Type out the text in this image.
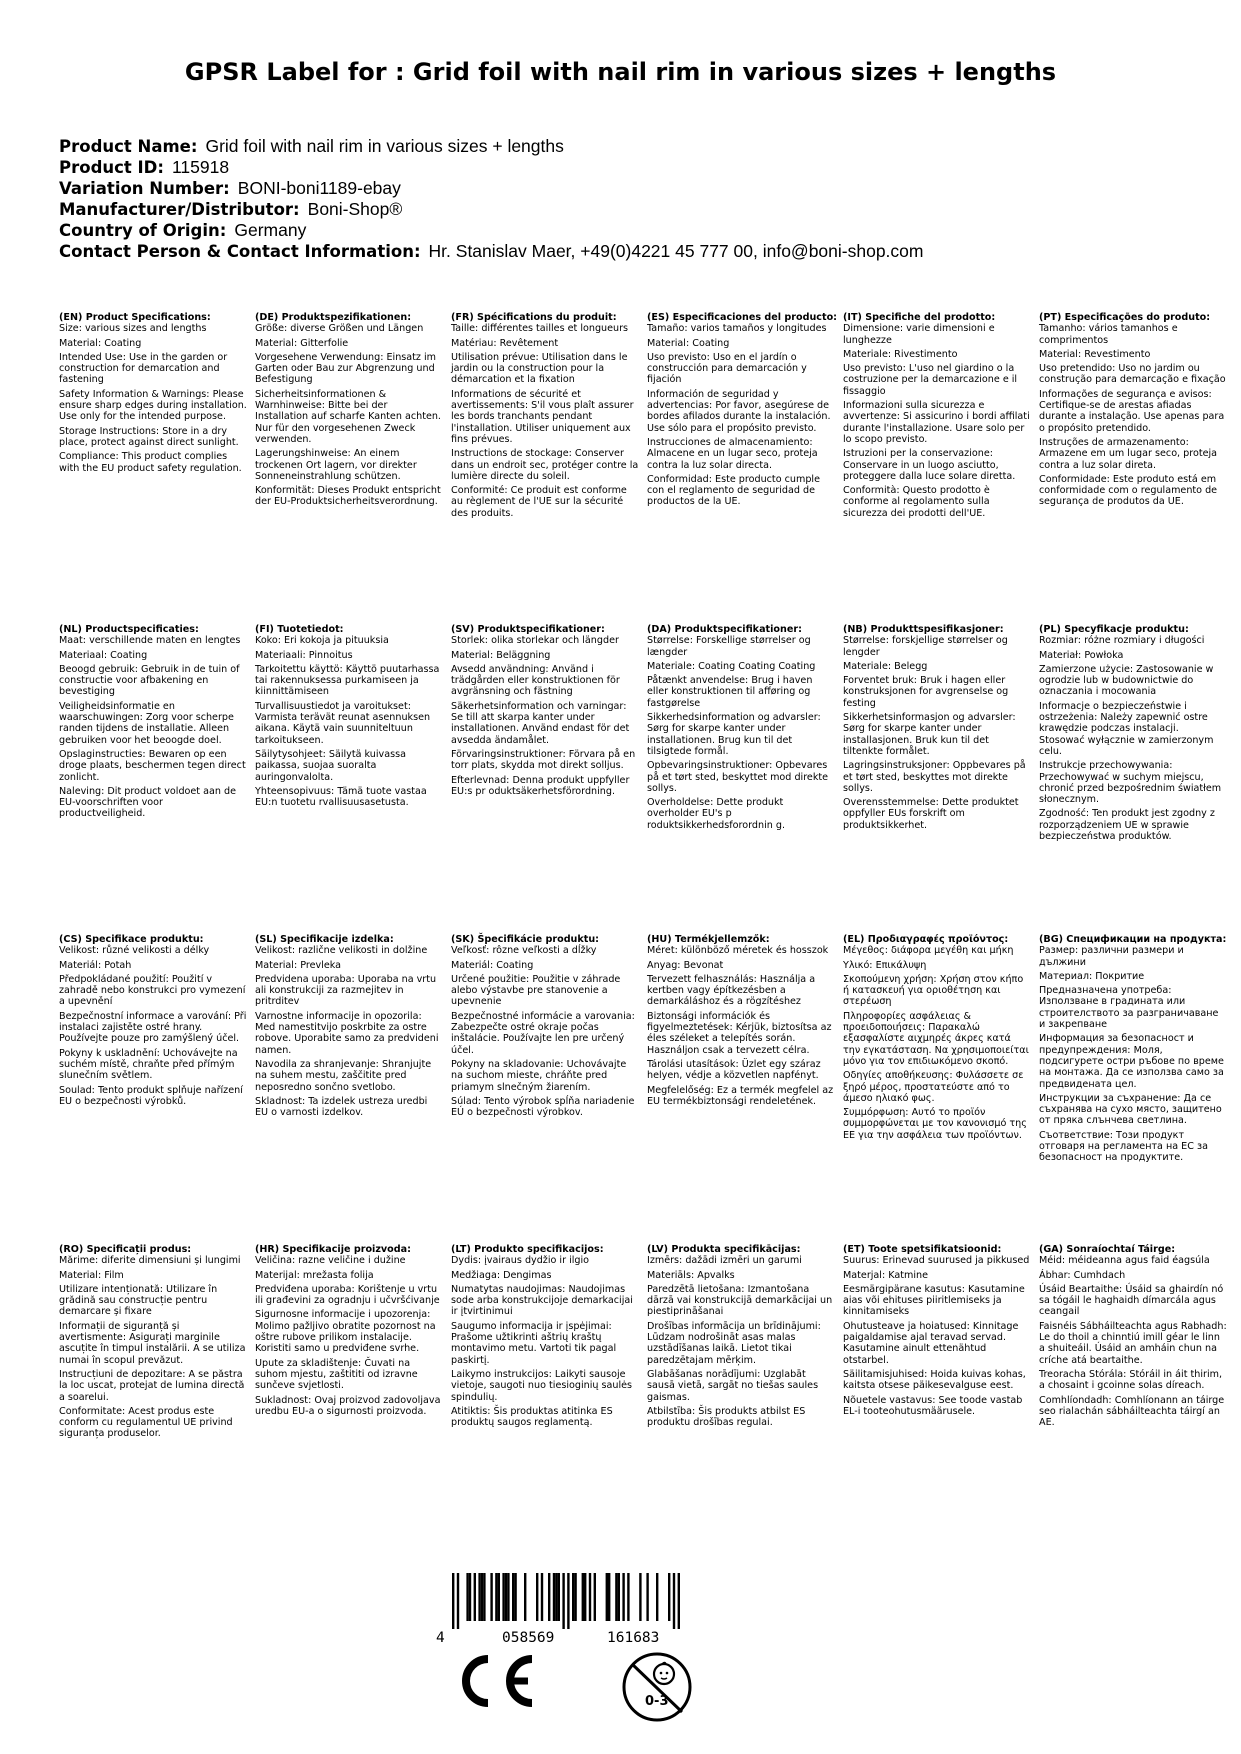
GPSR Label for : Grid foil with nail rim in various sizes + lengths
Product Name: Grid foil with nail rim in various sizes + lengths
Product ID: 115918
Variation Number: BONI-boni1189-ebay
Manufacturer/Distributor: Boni-Shop®
Country of Origin: Germany
Contact Person & Contact Information: Hr. Stanislav Maer, +49(0)4221 45 777 00, info@boni-shop.com
(EN) Product Specifications:

Size: various sizes and lengths

Material: Coating

Intended Use: Use in the garden or construction for demarcation and fastening

Safety Information & Warnings: Please ensure sharp edges during installation. Use only for the intended purpose.

Storage Instructions: Store in a dry place, protect against direct sunlight.

Compliance: This product complies with the EU product safety regulation.

(DE) Produktspezifikationen:

Größe: diverse Größen und Längen

Material: Gitterfolie

Vorgesehene Verwendung: Einsatz im Garten oder Bau zur Abgrenzung und Befestigung

Sicherheitsinformationen & Warnhinweise: Bitte bei der Installation auf scharfe Kanten achten. Nur für den vorgesehenen Zweck verwenden.

Lagerungshinweise: An einem trockenen Ort lagern, vor direkter Sonneneinstrahlung schützen.

Konformität: Dieses Produkt entspricht der EU-Produktsicherheitsverordnung.

(FR) Spécifications du produit:

Taille: différentes tailles et longueurs

Matériau: Revêtement

Utilisation prévue: Utilisation dans le jardin ou la construction pour la démarcation et la fixation

Informations de sécurité et avertissements: S'il vous plaît assurer les bords tranchants pendant l'installation. Utiliser uniquement aux fins prévues.

Instructions de stockage: Conserver dans un endroit sec, protéger contre la lumière directe du soleil.

Conformité: Ce produit est conforme au règlement de l'UE sur la sécurité des produits.

(ES) Especificaciones del producto:

Tamaño: varios tamaños y longitudes

Material: Coating

Uso previsto: Uso en el jardín o construcción para demarcación y fijación

Información de seguridad y advertencias: Por favor, asegúrese de bordes afilados durante la instalación. Use sólo para el propósito previsto.

Instrucciones de almacenamiento: Almacene en un lugar seco, proteja contra la luz solar directa.

Conformidad: Este producto cumple con el reglamento de seguridad de productos de la UE.

(IT) Specifiche del prodotto:

Dimensione: varie dimensioni e lunghezze

Materiale: Rivestimento

Uso previsto: L'uso nel giardino o la costruzione per la demarcazione e il fissaggio

Informazioni sulla sicurezza e avvertenze: Si assicurino i bordi affilati durante l'installazione. Usare solo per lo scopo previsto.

Istruzioni per la conservazione: Conservare in un luogo asciutto, proteggere dalla luce solare diretta.

Conformità: Questo prodotto è conforme al regolamento sulla sicurezza dei prodotti dell'UE.

(PT) Especificações do produto:

Tamanho: vários tamanhos e comprimentos

Material: Revestimento

Uso pretendido: Uso no jardim ou construção para demarcação e fixação

Informações de segurança e avisos: Certifique-se de arestas afiadas durante a instalação. Use apenas para o propósito pretendido.

Instruções de armazenamento: Armazene em um lugar seco, proteja contra a luz solar direta.

Conformidade: Este produto está em conformidade com o regulamento de segurança de produtos da UE.

(NL) Productspecificaties:

Maat: verschillende maten en lengtes

Materiaal: Coating

Beoogd gebruik: Gebruik in de tuin of constructie voor afbakening en bevestiging

Veiligheidsinformatie en waarschuwingen: Zorg voor scherpe randen tijdens de installatie. Alleen gebruiken voor het beoogde doel.

Opslaginstructies: Bewaren op een droge plaats, beschermen tegen direct zonlicht.

Naleving: Dit product voldoet aan de EU-voorschriften voor productveiligheid.

(FI) Tuotetiedot:

Koko: Eri kokoja ja pituuksia

Materiaali: Pinnoitus

Tarkoitettu käyttö: Käyttö puutarhassa tai rakennuksessa purkamiseen ja kiinnittämiseen

Turvallisuustiedot ja varoitukset: Varmista terävät reunat asennuksen aikana. Käytä vain suunniteltuun tarkoitukseen.

Säilytysohjeet: Säilytä kuivassa paikassa, suojaa suoralta auringonvalolta.

Yhteensopivuus: Tämä tuote vastaa EU:n tuotetu rvallisuusasetusta.

(SV) Produktspecifikationer:

Storlek: olika storlekar och längder

Material: Beläggning

Avsedd användning: Använd i trädgården eller konstruktionen för avgränsning och fästning

Säkerhetsinformation och varningar: Se till att skarpa kanter under installationen. Använd endast för det avsedda ändamålet.

Förvaringsinstruktioner: Förvara på en torr plats, skydda mot direkt solljus.

Efterlevnad: Denna produkt uppfyller EU:s pr oduktsäkerhetsförordning.

(DA) Produktspecifikationer:

Størrelse: Forskellige størrelser og længder

Materiale: Coating Coating Coating

Påtænkt anvendelse: Brug i haven eller konstruktionen til afføring og fastgørelse

Sikkerhedsinformation og advarsler: Sørg for skarpe kanter under installationen. Brug kun til det tilsigtede formål.

Opbevaringsinstruktioner: Opbevares på et tørt sted, beskyttet mod direkte sollys.

Overholdelse: Dette produkt overholder EU's p roduktsikkerhedsforordnin g.

(NB) Produkttspesifikasjoner:

Størrelse: forskjellige størrelser og lengder

Materiale: Belegg

Forventet bruk: Bruk i hagen eller konstruksjonen for avgrenselse og festing

Sikkerhetsinformasjon og advarsler: Sørg for skarpe kanter under installasjonen. Bruk kun til det tiltenkte formålet.

Lagringsinstruksjoner: Oppbevares på et tørt sted, beskyttes mot direkte sollys.

Overensstemmelse: Dette produktet oppfyller EUs forskrift om produktsikkerhet.

(PL) Specyfikacje produktu:

Rozmiar: różne rozmiary i długości

Materiał: Powłoka

Zamierzone użycie: Zastosowanie w ogrodzie lub w budownictwie do oznaczania i mocowania

Informacje o bezpieczeństwie i ostrzeżenia: Należy zapewnić ostre krawędzie podczas instalacji. Stosować wyłącznie w zamierzonym celu.

Instrukcje przechowywania: Przechowywać w suchym miejscu, chronić przed bezpośrednim światłem słonecznym.

Zgodność: Ten produkt jest zgodny z rozporządzeniem UE w sprawie bezpieczeństwa produktów.

(CS) Specifikace produktu:

Velikost: různé velikosti a délky

Materiál: Potah

Předpokládané použití: Použití v zahradě nebo konstrukci pro vymezení a upevnění

Bezpečnostní informace a varování: Při instalaci zajistěte ostré hrany. Používejte pouze pro zamýšlený účel.

Pokyny k uskladnění: Uchovávejte na suchém místě, chraňte před přímým slunečním světlem.

Soulad: Tento produkt splňuje nařízení EU o bezpečnosti výrobků.

(SL) Specifikacije izdelka:

Velikost: različne velikosti in dolžine

Material: Prevleka

Predvidena uporaba: Uporaba na vrtu ali konstrukciji za razmejitev in pritrditev

Varnostne informacije in opozorila: Med namestitvijo poskrbite za ostre robove. Uporabite samo za predvideni namen.

Navodila za shranjevanje: Shranjujte na suhem mestu, zaščitite pred neposredno sončno svetlobo.

Skladnost: Ta izdelek ustreza uredbi EU o varnosti izdelkov.

(SK) Špecifikácie produktu:

Veľkosť: rôzne veľkosti a dĺžky

Materiál: Coating

Určené použitie: Použitie v záhrade alebo výstavbe pre stanovenie a upevnenie

Bezpečnostné informácie a varovania: Zabezpečte ostré okraje počas inštalácie. Používajte len pre určený účel.

Pokyny na skladovanie: Uchovávajte na suchom mieste, chráňte pred priamym slnečným žiarením.

Súlad: Tento výrobok spĺňa nariadenie EÚ o bezpečnosti výrobkov.

(HU) Termékjellemzők:

Méret: különböző méretek és hosszok

Anyag: Bevonat

Tervezett felhasználás: Használja a kertben vagy építkezésben a demarkáláshoz és a rögzítéshez

Biztonsági információk és figyelmeztetések: Kérjük, biztosítsa az éles széleket a telepítés során. Használjon csak a tervezett célra.

Tárolási utasítások: Üzlet egy száraz helyen, védje a közvetlen napfényt.

Megfelelőség: Ez a termék megfelel az EU termékbiztonsági rendeletének.

(EL) Προδιαγραφές προϊόντος:

Μέγεθος: διάφορα μεγέθη και μήκη

Υλικό: Επικάλυψη

Σκοπούμενη χρήση: Χρήση στον κήπο ή κατασκευή για οριοθέτηση και στερέωση

Πληροφορίες ασφάλειας & προειδοποιήσεις: Παρακαλώ εξασφαλίστε αιχμηρές άκρες κατά την εγκατάσταση. Να χρησιμοποιείται μόνο για τον επιδιωκόμενο σκοπό.

Οδηγίες αποθήκευσης: Φυλάσσετε σε ξηρό μέρος, προστατεύστε από το άμεσο ηλιακό φως.

Συμμόρφωση: Αυτό το προϊόν συμμορφώνεται με τον κανονισμό της ΕΕ για την ασφάλεια των προϊόντων.

(BG) Спецификации на продукта:

Размер: различни размери и дължини

Материал: Покритие

Предназначена употреба: Използване в градината или строителството за разграничаване и закрепване

Информация за безопасност и предупреждения: Моля, подсигурете остри ръбове по време на монтажа. Да се използва само за предвидената цел.

Инструкции за съхранение: Да се съхранява на сухо място, защитено от пряка слънчева светлина.

Съответствие: Този продукт отговаря на регламента на ЕС за безопасност на продуктите.

(RO) Specificații produs:

Mărime: diferite dimensiuni și lungimi

Material: Film

Utilizare intenționată: Utilizare în grădină sau construcție pentru demarcare și fixare

Informații de siguranță și avertismente: Asigurați marginile ascuțite în timpul instalării. A se utiliza numai în scopul prevăzut.

Instrucțiuni de depozitare: A se păstra la loc uscat, protejat de lumina directă a soarelui.

Conformitate: Acest produs este conform cu regulamentul UE privind siguranța produselor.

(HR) Specifikacije proizvoda:

Veličina: razne veličine i dužine

Materijal: mrežasta folija

Predviđena uporaba: Korištenje u vrtu ili građevini za ogradnju i učvršćivanje

Sigurnosne informacije i upozorenja: Molimo pažljivo obratite pozornost na oštre rubove prilikom instalacije. Koristiti samo u predviđene svrhe.

Upute za skladištenje: Čuvati na suhom mjestu, zaštititi od izravne sunčeve svjetlosti.

Sukladnost: Ovaj proizvod zadovoljava uredbu EU-a o sigurnosti proizvoda.

(LT) Produkto specifikacijos:

Dydis: įvairaus dydžio ir ilgio

Medžiaga: Dengimas

Numatytas naudojimas: Naudojimas sode arba konstrukcijoje demarkacijai ir įtvirtinimui

Saugumo informacija ir įspėjimai: Prašome užtikrinti aštrių kraštų montavimo metu. Vartoti tik pagal paskirtį.

Laikymo instrukcijos: Laikyti sausoje vietoje, saugoti nuo tiesioginių saulės spindulių.

Atitiktis: Šis produktas atitinka ES produktų saugos reglamentą.

(LV) Produkta specifikācijas:

Izmērs: dažādi izmēri un garumi

Materiāls: Apvalks

Paredzētā lietošana: Izmantošana dārzā vai konstrukcijā demarkācijai un piestiprināšanai

Drošības informācija un brīdinājumi: Lūdzam nodrošināt asas malas uzstādīšanas laikā. Lietot tikai paredzētajam mērķim.

Glabāšanas norādījumi: Uzglabāt sausā vietā, sargāt no tiešas saules gaismas.

Atbilstība: Šis produkts atbilst ES produktu drošības regulai.

(ET) Toote spetsifikatsioonid:

Suurus: Erinevad suurused ja pikkused

Materjal: Katmine

Eesmärgipärane kasutus: Kasutamine aias või ehituses piiritlemiseks ja kinnitamiseks

Ohutusteave ja hoiatused: Kinnitage paigaldamise ajal teravad servad. Kasutamine ainult ettenähtud otstarbel.

Säilitamisjuhised: Hoida kuivas kohas, kaitsta otsese päikesevalguse eest.

Nõuetele vastavus: See toode vastab EL-i tooteohutusmäärusele.

(GA) Sonraíochtaí Táirge:

Méid: méideanna agus faid éagsúla

Ábhar: Cumhdach

Úsáid Beartaithe: Úsáid sa ghairdín nó sa tógáil le haghaidh dímarcála agus ceangail

Faisnéis Sábháilteachta agus Rabhadh: Le do thoil a chinntiú imill géar le linn a shuiteáil. Úsáid an amháin chun na críche atá beartaithe.

Treoracha Stórála: Stóráil in áit thirim, a chosaint i gcoinne solas díreach.

Comhlíondadh: Comhlíonann an táirge seo rialachán sábháilteachta táirgí an AE.

4	058569	161683
0-3
